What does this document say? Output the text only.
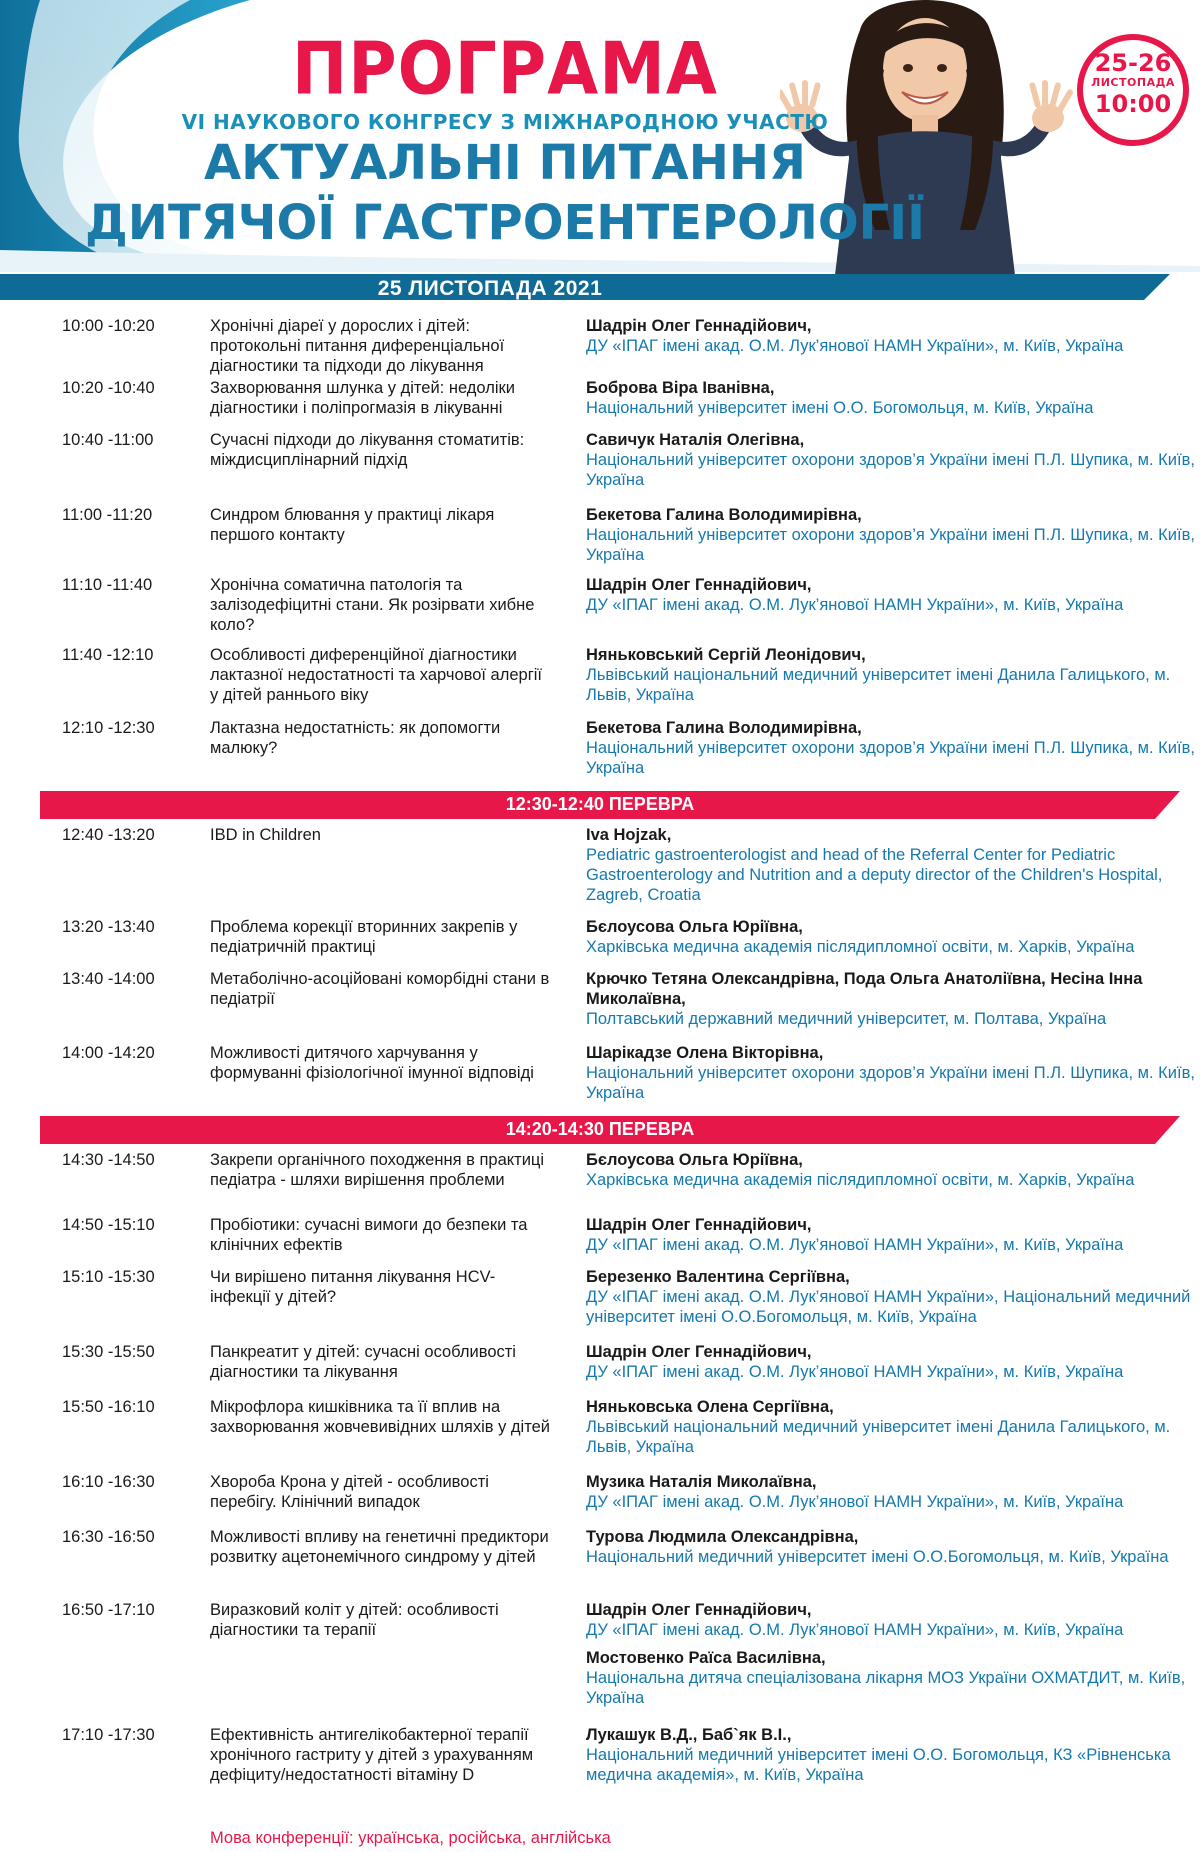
ПРОГРАМА

VI НАУКОВОГО КОНГРЕСУ З МІЖНАРОДНОЮ УЧАСТЮ

АКТУАЛЬНІ ПИТАННЯ

ДИТЯЧОЇ ГАСТРОЕНТЕРОЛОГІЇ

25-26
ЛИСТОПАДА
10:00
25 ЛИСТОПАДА 2021
10:00 -10:20	Хронічні діареї у дорослих і дітей: протокольні питання диференціальної діагностики та підходи до лікування
Шадрін Олег Геннадійович,
ДУ «ІПАГ імені акад. О.М. Лук’янової НАМН України», м. Київ, Україна
10:20 -10:40	Захворювання шлунка у дітей: недоліки діагностики і поліпрогмазія в лікуванні
Боброва Віра Іванівна,
Національний університет імені О.О. Богомольця, м. Київ, Україна
10:40 -11:00	Сучасні підходи до лікування стоматитів: міждисциплінарний підхід
Савичук Наталія Олегівна,
Національний університет охорони здоров’я України імені П.Л. Шупика, м. Київ, Україна
11:00 -11:20	Синдром блювання у практиці лікаря першого контакту
Бекетова Галина Володимирівна,
Національний університет охорони здоров’я України імені П.Л. Шупика, м. Київ, Україна
11:10 -11:40	Хронічна соматична патологія та залізодефіцитні стани. Як розірвати хибне коло?
Шадрін Олег Геннадійович,
ДУ «ІПАГ імені акад. О.М. Лук’янової НАМН України», м. Київ, Україна
11:40 -12:10	Особливості диференційної діагностики лактазної недостатності та харчової алергії у дітей раннього віку
Няньковський Сергій Леонідович,
Львівський національний медичний університет імені Данила Галицького, м. Львів, Україна
12:10 -12:30	Лактазна недостатність: як допомогти малюку?
Бекетова Галина Володимирівна,
Національний університет охорони здоров’я України імені П.Л. Шупика, м. Київ, Україна
12:30-12:40 ПЕРЕВРА
12:40 -13:20	IBD in Children	Iva Hojzak,
Pediatric gastroenterologist and head of the Referral Center for Pediatric Gastroenterology and Nutrition and a deputy director of the Children's Hospital, Zagreb, Croatia
13:20 -13:40	Проблема корекції вторинних закрепів у педіатричній практиці
Бєлоусова Ольга Юріївна,
Харківська медична академія післядипломної освіти, м. Харків, Україна
13:40 -14:00	Метаболічно-асоційовані коморбідні стани в педіатрії
Крючко Тетяна Олександрівна, Пода Ольга Анатоліївна, Несіна Інна Миколаївна,
Полтавський державний медичний університет, м. Полтава, Україна
14:00 -14:20	Можливості дитячого харчування у формуванні фізіологічної імунної відповіді
Шарікадзе Олена Вікторівна,
Національний університет охорони здоров’я України імені П.Л. Шупика, м. Київ, Україна
14:20-14:30 ПЕРЕВРА
14:30 -14:50	Закрепи органічного походження в практиці педіатра - шляхи вирішення проблеми
Бєлоусова Ольга Юріївна,
Харківська медична академія післядипломної освіти, м. Харків, Україна
14:50 -15:10	Пробіотики: сучасні вимоги до безпеки та клінічних ефектів
Шадрін Олег Геннадійович,
ДУ «ІПАГ імені акад. О.М. Лук’янової НАМН України», м. Київ, Україна
15:10 -15:30	Чи вирішено питання лікування HCV-інфекції у дітей?
Березенко Валентина Сергіївна,
ДУ «ІПАГ імені акад. О.М. Лук’янової НАМН України», Національний медичний університет імені О.О.Богомольця, м. Київ, Україна
15:30 -15:50	Панкреатит у дітей: сучасні особливості діагностики та лікування
Шадрін Олег Геннадійович,
ДУ «ІПАГ імені акад. О.М. Лук’янової НАМН України», м. Київ, Україна
15:50 -16:10	Мікрофлора кишківника та її вплив на захворювання жовчевивідних шляхів у дітей
Няньковська Олена Сергіївна,
Львівський національний медичний університет імені Данила Галицького, м. Львів, Україна
16:10 -16:30	Хвороба Крона у дітей - особливості перебігу. Клінічний випадок
Музика Наталія Миколаївна,
ДУ «ІПАГ імені акад. О.М. Лук’янової НАМН України», м. Київ, Україна
16:30 -16:50	Можливості впливу на генетичні предиктори розвитку ацетонемічного синдрому у дітей
Турова Людмила Олександрівна,
Національний медичний університет імені О.О.Богомольця, м. Київ, Україна
16:50 -17:10	Виразковий коліт у дітей: особливості діагностики та терапії
Шадрін Олег Геннадійович,
ДУ «ІПАГ імені акад. О.М. Лук’янової НАМН України», м. Київ, Україна
Мостовенко Раїса Василівна,
Національна дитяча спеціалізована лікарня МОЗ України ОХМАТДИТ, м. Київ, Україна
17:10 -17:30	Ефективність антигелікобактерної терапії хронічного гастриту у дітей з урахуванням дефіциту/недостатності вітаміну D
Лукашук В.Д., Баб`як В.І.,
Національний медичний університет імені О.О. Богомольця, КЗ «Рівненська медична академія», м. Київ, Україна
Мова конференції: українська, російська, англійська
